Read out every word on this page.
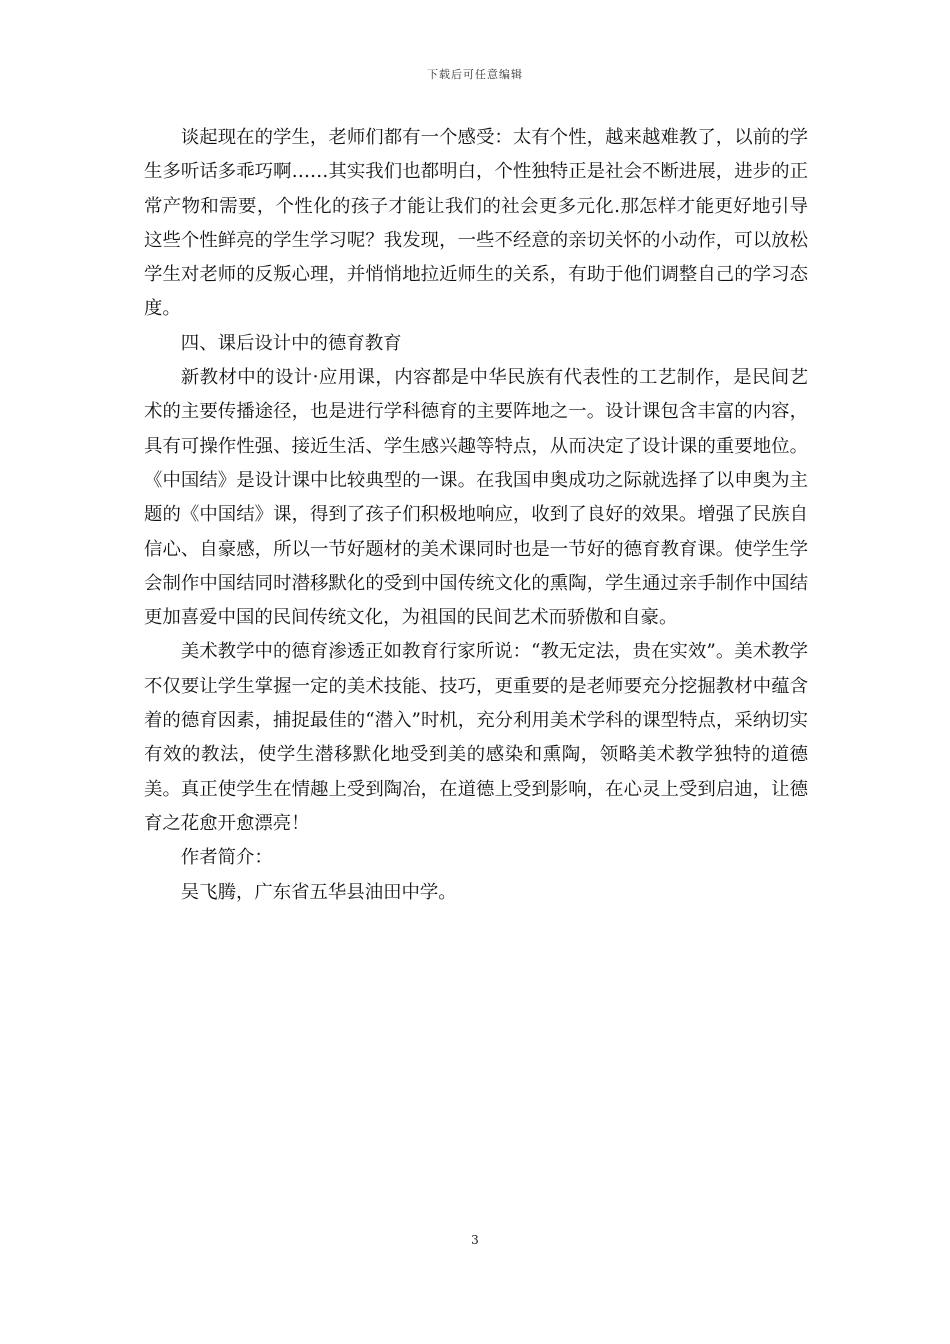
下载后可任意编辑

谈起现在的学生，老师们都有一个感受：太有个性，越来越难教了，以前的学生多听话多乖巧啊……其实我们也都明白，个性独特正是社会不断进展，进步的正常产物和需要，个性化的孩子才能让我们的社会更多元化.那怎样才能更好地引导这些个性鲜亮的学生学习呢？我发现，一些不经意的亲切关怀的小动作，可以放松学生对老师的反叛心理，并悄悄地拉近师生的关系，有助于他们调整自己的学习态度。

四、课后设计中的德育教育

新教材中的设计·应用课，内容都是中华民族有代表性的工艺制作，是民间艺术的主要传播途径，也是进行学科德育的主要阵地之一。设计课包含丰富的内容，具有可操作性强、接近生活、学生感兴趣等特点，从而决定了设计课的重要地位。《中国结》是设计课中比较典型的一课。在我国申奥成功之际就选择了以申奥为主题的《中国结》课，得到了孩子们积极地响应，收到了良好的效果。增强了民族自信心、自豪感，所以一节好题材的美术课同时也是一节好的德育教育课。使学生学会制作中国结同时潜移默化的受到中国传统文化的熏陶，学生通过亲手制作中国结更加喜爱中国的民间传统文化，为祖国的民间艺术而骄傲和自豪。

美术教学中的德育渗透正如教育行家所说：“教无定法，贵在实效”。美术教学不仅要让学生掌握一定的美术技能、技巧，更重要的是老师要充分挖掘教材中蕴含着的德育因素，捕捉最佳的“潜入”时机，充分利用美术学科的课型特点，采纳切实有效的教法，使学生潜移默化地受到美的感染和熏陶，领略美术教学独特的道德美。真正使学生在情趣上受到陶冶，在道德上受到影响，在心灵上受到启迪，让德育之花愈开愈漂亮！

作者简介：

吴飞腾，广东省五华县油田中学。

3
